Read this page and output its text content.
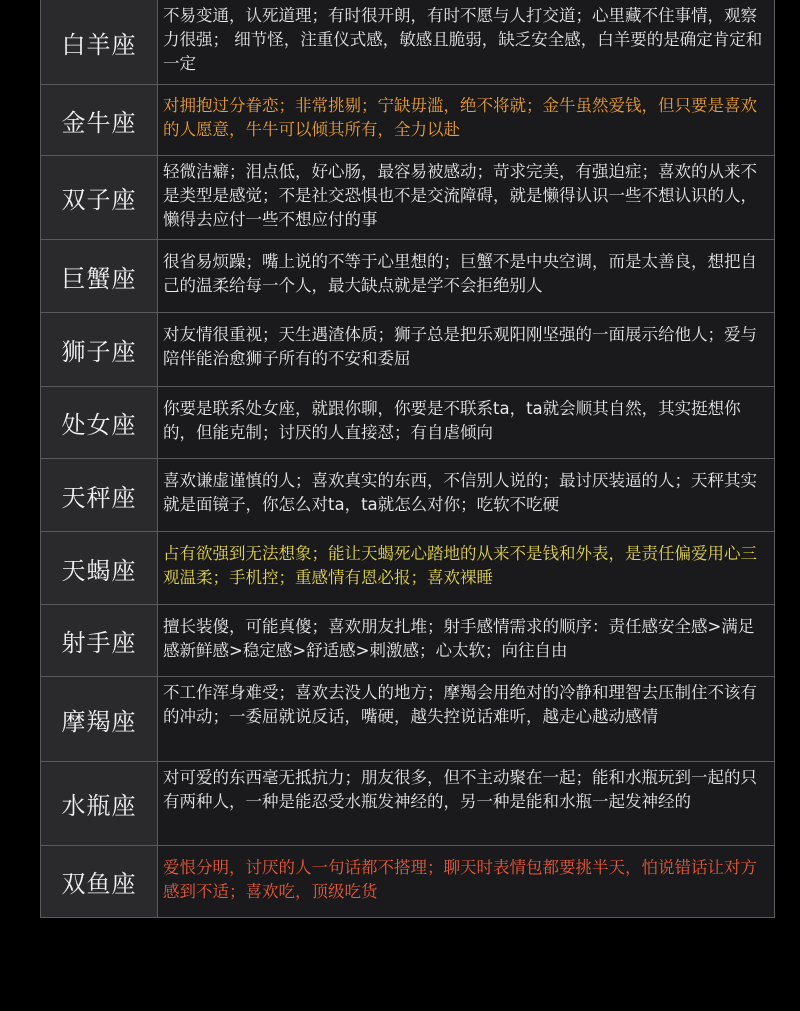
白羊座
不易变通，认死道理；有时很开朗，有时不愿与人打交道；心里藏不住事情，观察力很强； 细节怪，注重仪式感，敏感且脆弱，缺乏安全感，白羊要的是确定肯定和一定
金牛座
对拥抱过分眷恋；非常挑剔；宁缺毋滥，绝不将就；金牛虽然爱钱，但只要是喜欢的人愿意，牛牛可以倾其所有，全力以赴
双子座
轻微洁癖；泪点低，好心肠，最容易被感动；苛求完美，有强迫症；喜欢的从来不是类型是感觉；不是社交恐惧也不是交流障碍，就是懒得认识一些不想认识的人，懒得去应付一些不想应付的事
巨蟹座
很省易烦躁；嘴上说的不等于心里想的；巨蟹不是中央空调，而是太善良，想把自己的温柔给每一个人，最大缺点就是学不会拒绝别人
狮子座
对友情很重视；天生遇渣体质；狮子总是把乐观阳刚坚强的一面展示给他人；爱与陪伴能治愈狮子所有的不安和委屈
处女座
你要是联系处女座，就跟你聊，你要是不联系ta，ta就会顺其自然，其实挺想你的，但能克制；讨厌的人直接怼；有自虐倾向
天秤座
喜欢谦虚谨慎的人；喜欢真实的东西，不信别人说的；最讨厌装逼的人；天秤其实就是面镜子，你怎么对ta，ta就怎么对你；吃软不吃硬
天蝎座
占有欲强到无法想象；能让天蝎死心踏地的从来不是钱和外表，是责任偏爱用心三观温柔；手机控；重感情有恩必报；喜欢裸睡
射手座
擅长装傻，可能真傻；喜欢朋友扎堆；射手感情需求的顺序：责任感安全感>满足感新鲜感>稳定感>舒适感>刺激感；心太软；向往自由
摩羯座
不工作浑身难受；喜欢去没人的地方；摩羯会用绝对的冷静和理智去压制住不该有的冲动；一委屈就说反话，嘴硬，越失控说话难听，越走心越动感情
水瓶座
对可爱的东西毫无抵抗力；朋友很多，但不主动聚在一起；能和水瓶玩到一起的只有两种人，一种是能忍受水瓶发神经的，另一种是能和水瓶一起发神经的
双鱼座
爱恨分明，讨厌的人一句话都不搭理；聊天时表情包都要挑半天，怕说错话让对方感到不适；喜欢吃，顶级吃货
